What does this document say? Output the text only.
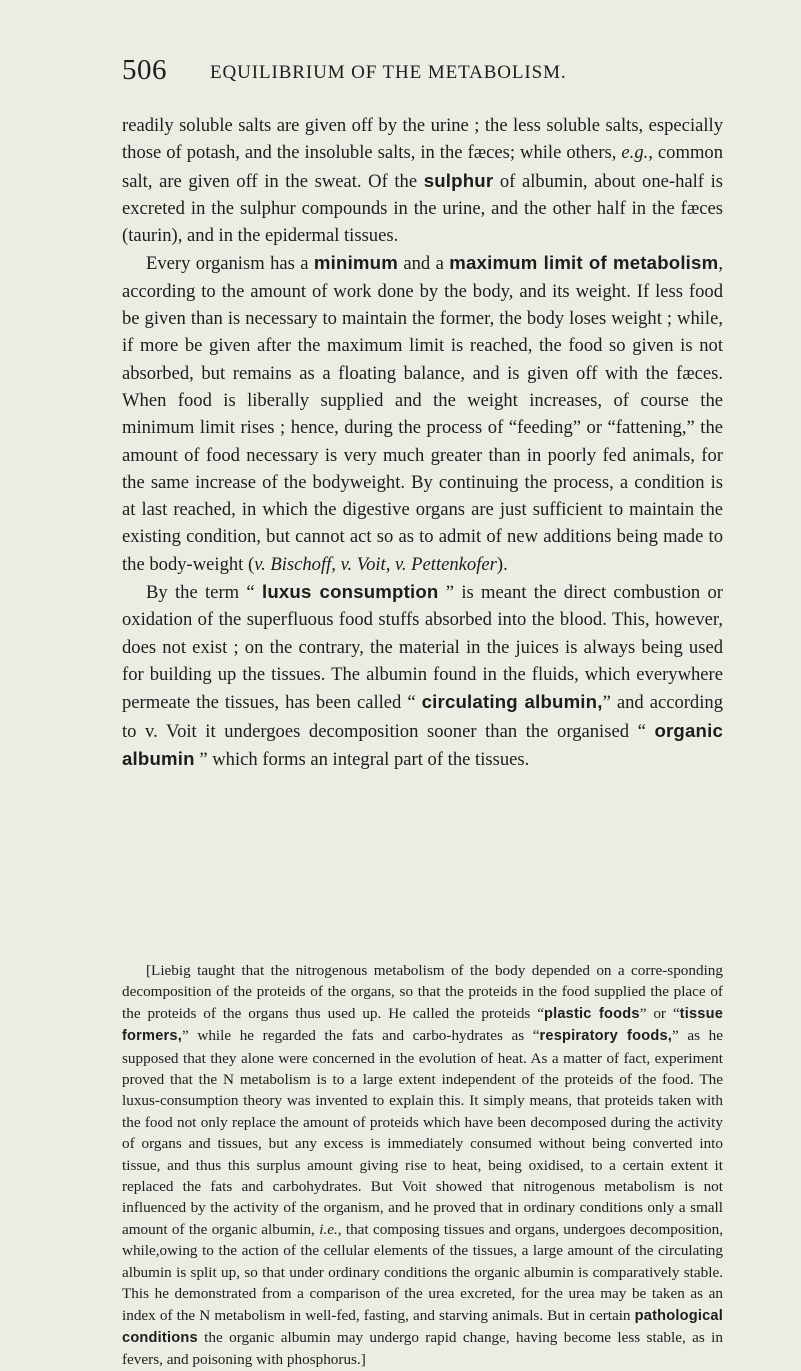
506 EQUILIBRIUM OF THE METABOLISM.

readily soluble salts are given off by the urine ; the less soluble salts, especially those of potash, and the insoluble salts, in the fæces; while others, e.g., common salt, are given off in the sweat. Of the sulphur of albumin, about one-half is excreted in the sulphur compounds in the urine, and the other half in the fæces (taurin), and in the epidermal tissues.

Every organism has a minimum and a maximum limit of metabolism, according to the amount of work done by the body, and its weight. If less food be given than is necessary to maintain the former, the body loses weight ; while, if more be given after the maximum limit is reached, the food so given is not absorbed, but remains as a floating balance, and is given off with the fæces. When food is liberally supplied and the weight increases, of course the minimum limit rises ; hence, during the process of “feeding” or “fattening,” the amount of food necessary is very much greater than in poorly fed animals, for the same increase of the bodyweight. By continuing the process, a condition is at last reached, in which the digestive organs are just sufficient to maintain the existing condition, but cannot act so as to admit of new additions being made to the body-weight (v. Bischoff, v. Voit, v. Pettenkofer).

By the term “ luxus consumption ” is meant the direct combustion or oxidation of the superfluous food stuffs absorbed into the blood. This, however, does not exist ; on the contrary, the material in the juices is always being used for building up the tissues. The albumin found in the fluids, which everywhere permeate the tissues, has been called “ circulating albumin,” and according to v. Voit it undergoes decomposition sooner than the organised “ organic albumin ” which forms an integral part of the tissues.

[Liebig taught that the nitrogenous metabolism of the body depended on a corre-sponding decomposition of the proteids of the organs, so that the proteids in the food supplied the place of the proteids of the organs thus used up. He called the proteids “plastic foods” or “tissue formers,” while he regarded the fats and carbo-hydrates as “respiratory foods,” as he supposed that they alone were concerned in the evolution of heat. As a matter of fact, experiment proved that the N metabolism is to a large extent independent of the proteids of the food. The luxus-consumption theory was invented to explain this. It simply means, that proteids taken with the food not only replace the amount of proteids which have been decomposed during the activity of organs and tissues, but any excess is immediately consumed without being converted into tissue, and thus this surplus amount giving rise to heat, being oxidised, to a certain extent it replaced the fats and carbohydrates. But Voit showed that nitrogenous metabolism is not influenced by the activity of the organism, and he proved that in ordinary conditions only a small amount of the organic albumin, i.e., that composing tissues and organs, undergoes decomposition, while,owing to the action of the cellular elements of the tissues, a large amount of the circulating albumin is split up, so that under ordinary conditions the organic albumin is comparatively stable. This he demonstrated from a comparison of the urea excreted, for the urea may be taken as an index of the N metabolism in well-fed, fasting, and starving animals. But in certain pathological conditions the organic albumin may undergo rapid change, having become less stable, as in fevers, and poisoning with phosphorus.]
